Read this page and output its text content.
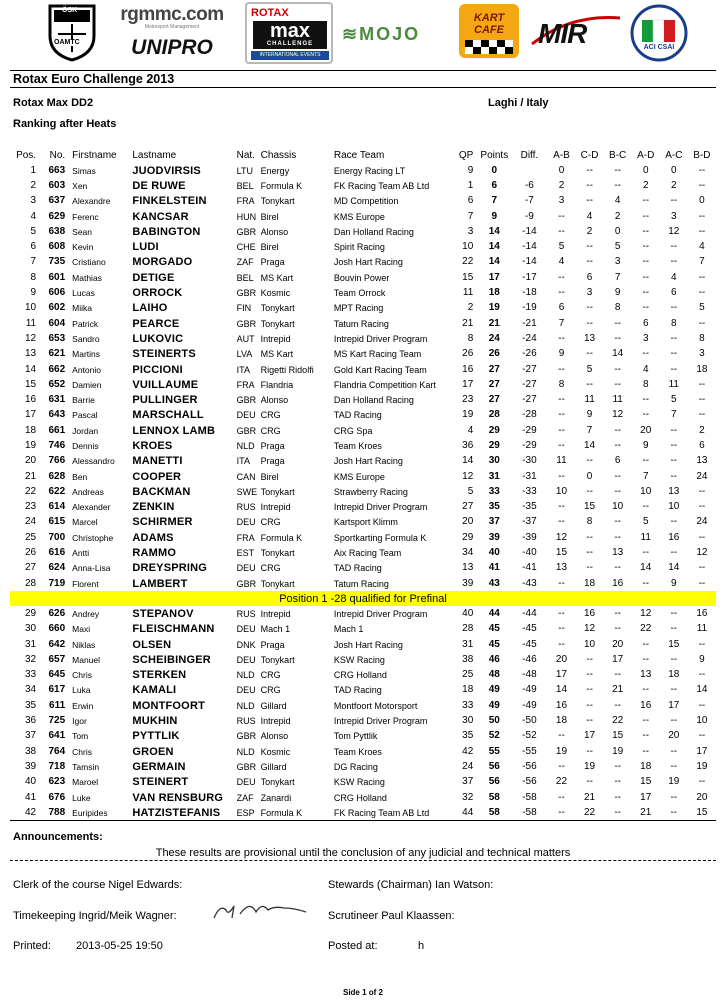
ÖSK
OAMTC
rgmmc.com
Motorsport Management
UNIPRO
ROTAX
max
CHALLENGE
INTERNATIONAL EVENTS
≋MOJO
KART CAFE	MIR	ACI CSAI
Rotax Euro Challenge 2013
Rotax Max DD2	Laghi / Italy
Ranking after Heats
Pos.	No.	Firstname	Lastname	Nat.	Chassis	Race Team	QP	Points	Diff.	A-B	C-D	B-C	A-D	A-C	B-D
1	663	Simas	JUODVIRSIS	LTU	Energy	Energy Racing LT	9	0		0	--	--	0	0	--
2	603	Xen	DE RUWE	BEL	Formula K	FK Racing Team AB Ltd	1	6	-6	2	--	--	2	2	--
3	637	Alexandre	FINKELSTEIN	FRA	Tonykart	MD Competition	6	7	-7	3	--	4	--	--	0
4	629	Ferenc	KANCSAR	HUN	Birel	KMS Europe	7	9	-9	--	4	2	--	3	--
5	638	Sean	BABINGTON	GBR	Alonso	Dan Holland Racing	3	14	-14	--	2	0	--	12	--
6	608	Kevin	LUDI	CHE	Birel	Spirit Racing	10	14	-14	5	--	5	--	--	4
7	735	Cristiano	MORGADO	ZAF	Praga	Josh Hart Racing	22	14	-14	4	--	3	--	--	7
8	601	Mathias	DETIGE	BEL	MS Kart	Bouvin Power	15	17	-17	--	6	7	--	4	--
9	606	Lucas	ORROCK	GBR	Kosmic	Team Orrock	11	18	-18	--	3	9	--	6	--
10	602	Miika	LAIHO	FIN	Tonykart	MPT Racing	2	19	-19	6	--	8	--	--	5
11	604	Patrick	PEARCE	GBR	Tonykart	Tatum Racing	21	21	-21	7	--	--	6	8	--
12	653	Sandro	LUKOVIC	AUT	Intrepid	Intrepid Driver Program	8	24	-24	--	13	--	3	--	8
13	621	Martins	STEINERTS	LVA	MS Kart	MS Kart Racing Team	26	26	-26	9	--	14	--	--	3
14	662	Antonio	PICCIONI	ITA	Rigetti Ridolfi	Gold Kart Racing Team	16	27	-27	--	5	--	4	--	18
15	652	Damien	VUILLAUME	FRA	Flandria	Flandria Competition Kart	17	27	-27	8	--	--	8	11	--
16	631	Barrie	PULLINGER	GBR	Alonso	Dan Holland Racing	23	27	-27	--	11	11	--	5	--
17	643	Pascal	MARSCHALL	DEU	CRG	TAD Racing	19	28	-28	--	9	12	--	7	--
18	661	Jordan	LENNOX LAMB	GBR	CRG	CRG Spa	4	29	-29	--	7	--	20	--	2
19	746	Dennis	KROES	NLD	Praga	Team Kroes	36	29	-29	--	14	--	9	--	6
20	766	Alessandro	MANETTI	ITA	Praga	Josh Hart Racing	14	30	-30	11	--	6	--	--	13
21	628	Ben	COOPER	CAN	Birel	KMS Europe	12	31	-31	--	0	--	7	--	24
22	622	Andreas	BACKMAN	SWE	Tonykart	Strawberry Racing	5	33	-33	10	--	--	10	13	--
23	614	Alexander	ZENKIN	RUS	Intrepid	Intrepid Driver Program	27	35	-35	--	15	10	--	10	--
24	615	Marcel	SCHIRMER	DEU	CRG	Kartsport Klimm	20	37	-37	--	8	--	5	--	24
25	700	Christophe	ADAMS	FRA	Formula K	Sportkarting Formula K	29	39	-39	12	--	--	11	16	--
26	616	Antti	RAMMO	EST	Tonykart	Aix Racing Team	34	40	-40	15	--	13	--	--	12
27	624	Anna-Lisa	DREYSPRING	DEU	CRG	TAD Racing	13	41	-41	13	--	--	14	14	--
28	719	Florent	LAMBERT	GBR	Tonykart	Tatum Racing	39	43	-43	--	18	16	--	9	--
Position 1 -28 qualified for Prefinal															
29	626	Andrey	STEPANOV	RUS	Intrepid	Intrepid Driver Program	40	44	-44	--	16	--	12	--	16
30	660	Maxi	FLEISCHMANN	DEU	Mach 1	Mach 1	28	45	-45	--	12	--	22	--	11
31	642	Niklas	OLSEN	DNK	Praga	Josh Hart Racing	31	45	-45	--	10	20	--	15	--
32	657	Manuel	SCHEIBINGER	DEU	Tonykart	KSW Racing	38	46	-46	20	--	17	--	--	9
33	645	Chris	STERKEN	NLD	CRG	CRG Holland	25	48	-48	17	--	--	13	18	--
34	617	Luka	KAMALI	DEU	CRG	TAD Racing	18	49	-49	14	--	21	--	--	14
35	611	Erwin	MONTFOORT	NLD	Gillard	Montfoort Motorsport	33	49	-49	16	--	--	16	17	--
36	725	Igor	MUKHIN	RUS	Intrepid	Intrepid Driver Program	30	50	-50	18	--	22	--	--	10
37	641	Tom	PYTTLIK	GBR	Alonso	Tom Pyttlik	35	52	-52	--	17	15	--	20	--
38	764	Chris	GROEN	NLD	Kosmic	Team Kroes	42	55	-55	19	--	19	--	--	17
39	718	Tamsin	GERMAIN	GBR	Gillard	DG Racing	24	56	-56	--	19	--	18	--	19
40	623	Maroel	STEINERT	DEU	Tonykart	KSW Racing	37	56	-56	22	--	--	15	19	--
41	676	Luke	VAN RENSBURG	ZAF	Zanardi	CRG Holland	32	58	-58	--	21	--	17	--	20
42	788	Euripides	HATZISTEFANIS	ESP	Formula K	FK Racing Team AB Ltd	44	58	-58	--	22	--	21	--	15
Announcements:
These results are provisional until the conclusion of any judicial and technical matters
Clerk of the course Nigel Edwards:	Stewards (Chairman) Ian Watson:
Timekeeping Ingrid/Meik Wagner:	Scrutineer Paul Klaassen:
Printed: 2013-05-25 19:50	Posted at:	h
Side 1 of 2
